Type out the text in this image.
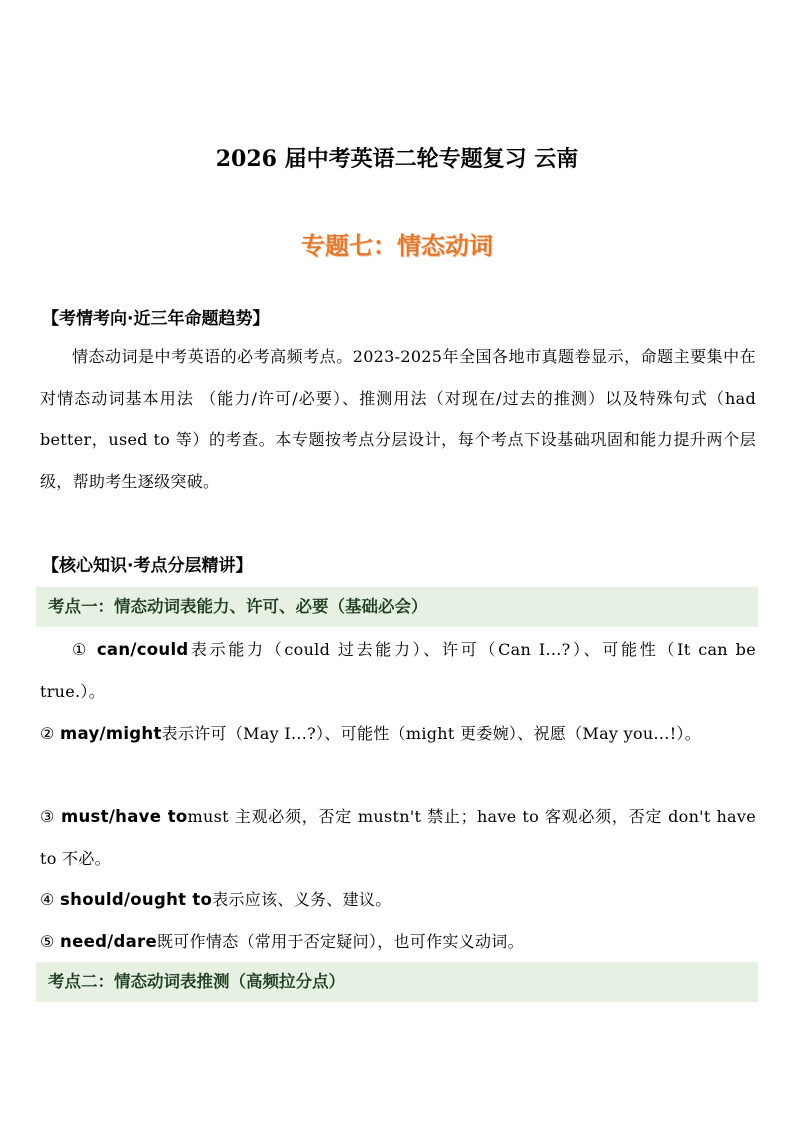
2026 届中考英语二轮专题复习 云南
专题七：情态动词
【考情考向·近三年命题趋势】
情态动词是中考英语的必考高频考点。2023-2025年全国各地市真题卷显示，命题主要集中在对情态动词基本用法 （能力/许可/必要）、推测用法（对现在/过去的推测）以及特殊句式（had better，used to 等）的考查。本专题按考点分层设计，每个考点下设基础巩固和能力提升两个层级，帮助考生逐级突破。
【核心知识·考点分层精讲】
考点一：情态动词表能力、许可、必要（基础必会）
① can/could表示能力（could 过去能力）、许可（Can I...?）、可能性（It can be true.）。
② may/might表示许可（May I...?）、可能性（might 更委婉）、祝愿（May you...!）。
③ must/have tomust 主观必须，否定 mustn't 禁止；have to 客观必须，否定 don't have to 不必。
④ should/ought to表示应该、义务、建议。
⑤ need/dare既可作情态（常用于否定疑问），也可作实义动词。
考点二：情态动词表推测（高频拉分点）
